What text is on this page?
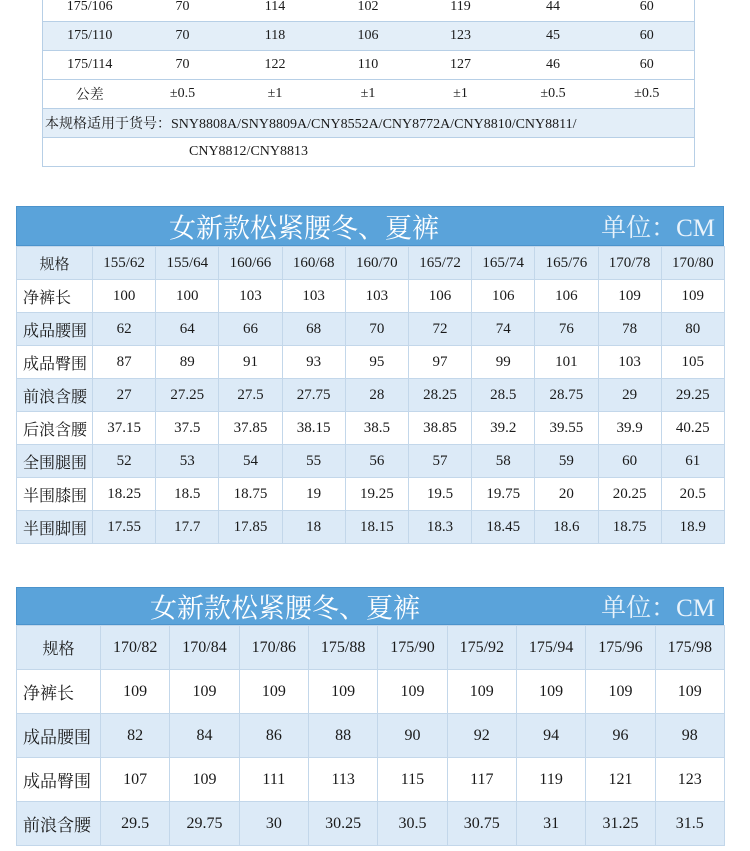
175/106	70	114	102	119	44	60
175/110	70	118	106	123	45	60
175/114	70	122	110	127	46	60
公差	±0.5	±1	±1	±1	±0.5	±0.5
本规格适用于货号：SNY8808A/SNY8809A/CNY8552A/CNY8772A/CNY8810/CNY8811/						
CNY8812/CNY8813						
女新款松紧腰冬、夏裤	单位：CM
规格	155/62	155/64	160/66	160/68	160/70	165/72	165/74	165/76	170/78	170/80
净裤长	100	100	103	103	103	106	106	106	109	109
成品腰围	62	64	66	68	70	72	74	76	78	80
成品臀围	87	89	91	93	95	97	99	101	103	105
前浪含腰	27	27.25	27.5	27.75	28	28.25	28.5	28.75	29	29.25
后浪含腰	37.15	37.5	37.85	38.15	38.5	38.85	39.2	39.55	39.9	40.25
全围腿围	52	53	54	55	56	57	58	59	60	61
半围膝围	18.25	18.5	18.75	19	19.25	19.5	19.75	20	20.25	20.5
半围脚围	17.55	17.7	17.85	18	18.15	18.3	18.45	18.6	18.75	18.9
女新款松紧腰冬、夏裤	单位：CM
规格	170/82	170/84	170/86	175/88	175/90	175/92	175/94	175/96	175/98
净裤长	109	109	109	109	109	109	109	109	109
成品腰围	82	84	86	88	90	92	94	96	98
成品臀围	107	109	111	113	115	117	119	121	123
前浪含腰	29.5	29.75	30	30.25	30.5	30.75	31	31.25	31.5
